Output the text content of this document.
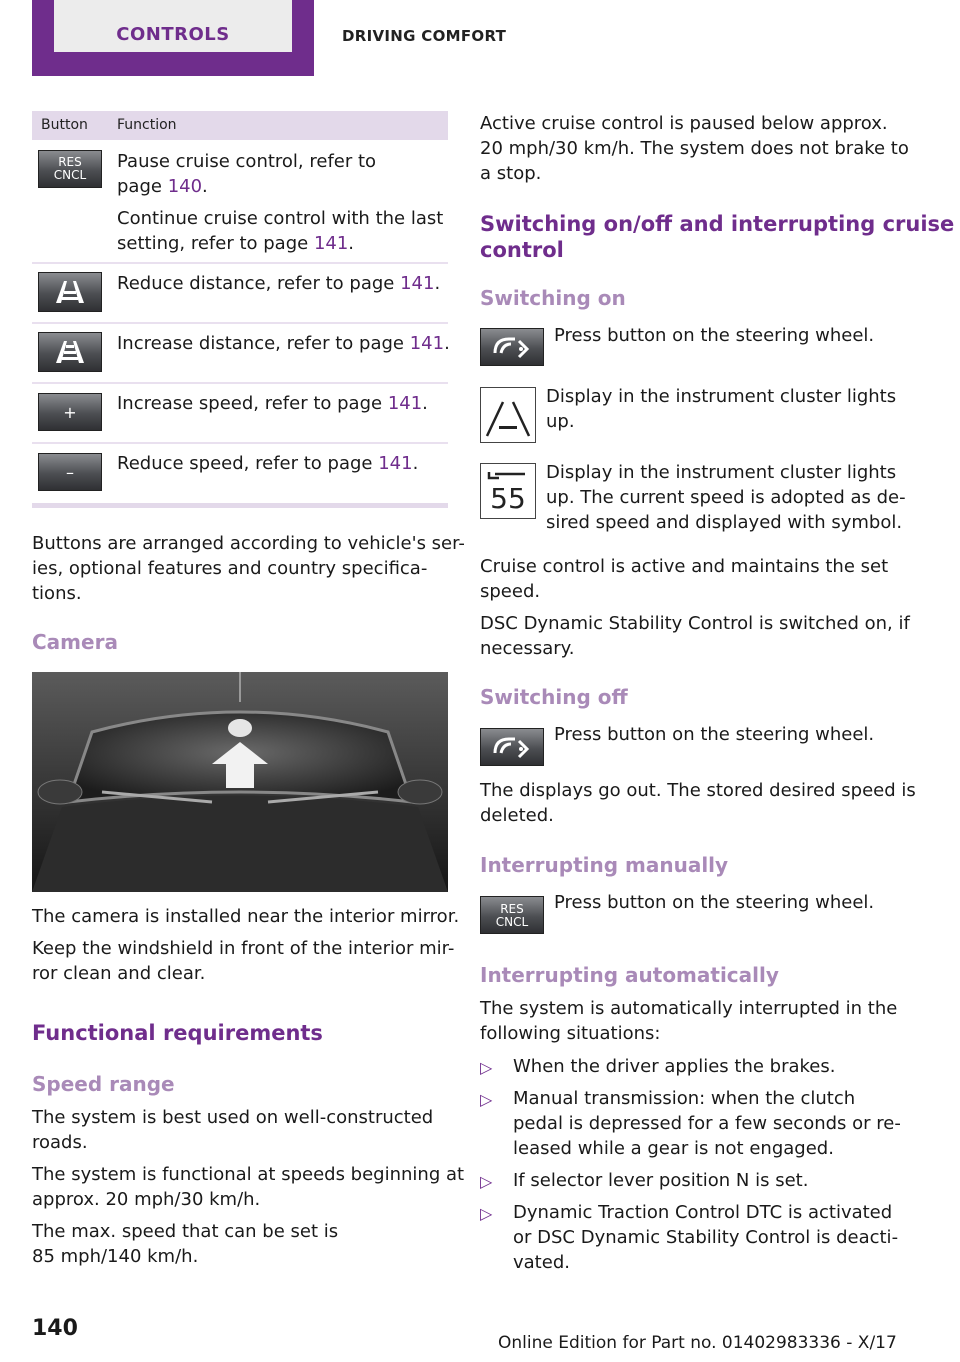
CONTROLS	DRIVING COMFORT
Button Function
RES
CNCL
Pause cruise control, refer to
page 140.
Continue cruise control with the last
setting, refer to page 141.
Reduce distance, refer to page 141.
Increase distance, refer to page 141.
+ Increase speed, refer to page 141.
– Reduce speed, refer to page 141.
Buttons are arranged according to vehicle's ser-
ies, optional features and country specifica-
tions.
Camera
The camera is installed near the interior mirror.
Keep the windshield in front of the interior mir-
ror clean and clear.
Functional requirements
Speed range
The system is best used on well-constructed
roads.
The system is functional at speeds beginning at
approx. 20 mph/30 km/h.
The max. speed that can be set is
85 mph/140 km/h.
Active cruise control is paused below approx.
20 mph/30 km/h. The system does not brake to
a stop.
Switching on/off and interrupting cruise
control
Switching on
Press button on the steering wheel.
Display in the instrument cluster lights
up.
55
Display in the instrument cluster lights
up. The current speed is adopted as de-
sired speed and displayed with symbol.
Cruise control is active and maintains the set
speed.
DSC Dynamic Stability Control is switched on, if
necessary.
Switching off
Press button on the steering wheel.
The displays go out. The stored desired speed is
deleted.
Interrupting manually
RES
CNCL
Press button on the steering wheel.
Interrupting automatically
The system is automatically interrupted in the
following situations:
▷ When the driver applies the brakes.
▷ Manual transmission: when the clutch
pedal is depressed for a few seconds or re-
leased while a gear is not engaged.
▷ If selector lever position N is set.
▷ Dynamic Traction Control DTC is activated
or DSC Dynamic Stability Control is deacti-
vated.
140
Online Edition for Part no. 01402983336 - X/17
